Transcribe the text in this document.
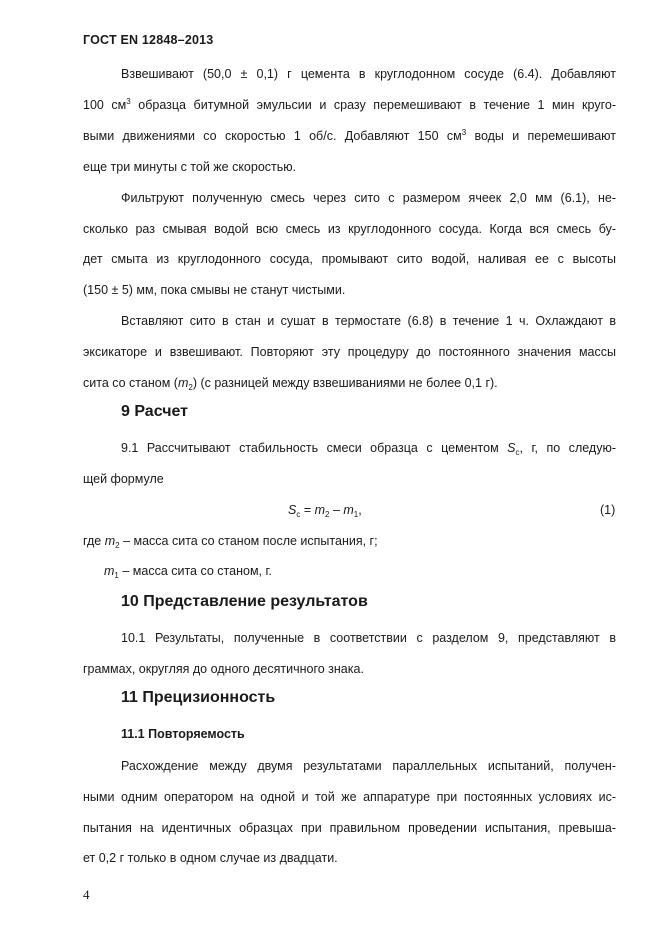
ГОСТ EN 12848–2013
Взвешивают (50,0 ± 0,1) г цемента в круглодонном сосуде (6.4). Добавляют
100 $см^3$ образца битумной эмульсии и сразу перемешивают в течение 1 мин круго-
выми движениями со скоростью 1 об/с. Добавляют 150 $см^3$ воды и перемешивают
еще три минуты с той же скоростью.
Фильтруют полученную смесь через сито с размером ячеек 2,0 мм (6.1), не-
сколько раз смывая водой всю смесь из круглодонного сосуда. Когда вся смесь бу-
дет смыта из круглодонного сосуда, промывают сито водой, наливая ее с высоты
(150 ± 5) мм, пока смывы не станут чистыми.
Вставляют сито в стан и сушат в термостате (6.8) в течение 1 ч. Охлаждают в
эксикаторе и взвешивают. Повторяют эту процедуру до постоянного значения массы
сита со станом $(m_2)$ (с разницей между взвешиваниями не более 0,1 г).
9 Расчет
9.1 Рассчитывают стабильность смеси образца с цементом $S_c$, г, по следую-
щей формуле
$S_c = m_2 - m_1$,	(1)
где $m_2$ – масса сита со станом после испытания, г;
$m_1$ – масса сита со станом, г.
10 Представление результатов
10.1 Результаты, полученные в соответствии с разделом 9, представляют в
граммах, округляя до одного десятичного знака.
11 Прецизионность
11.1 Повторяемость
Расхождение между двумя результатами параллельных испытаний, получен-
ными одним оператором на одной и той же аппаратуре при постоянных условиях ис-
пытания на идентичных образцах при правильном проведении испытания, превыша-
ет 0,2 г только в одном случае из двадцати.
4
